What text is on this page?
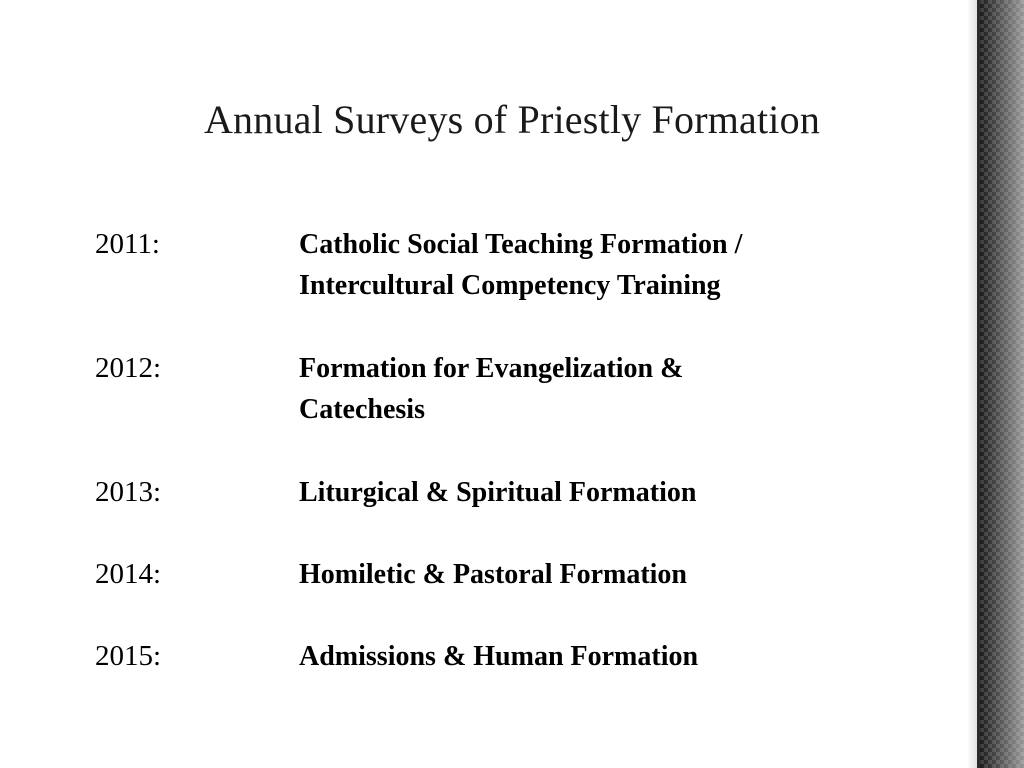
Annual Surveys of Priestly Formation
2011:	Catholic Social Teaching Formation /
Intercultural Competency Training
2012:	Formation for Evangelization &
Catechesis
2013:	Liturgical & Spiritual Formation
2014:	Homiletic & Pastoral Formation
2015:	Admissions & Human Formation
